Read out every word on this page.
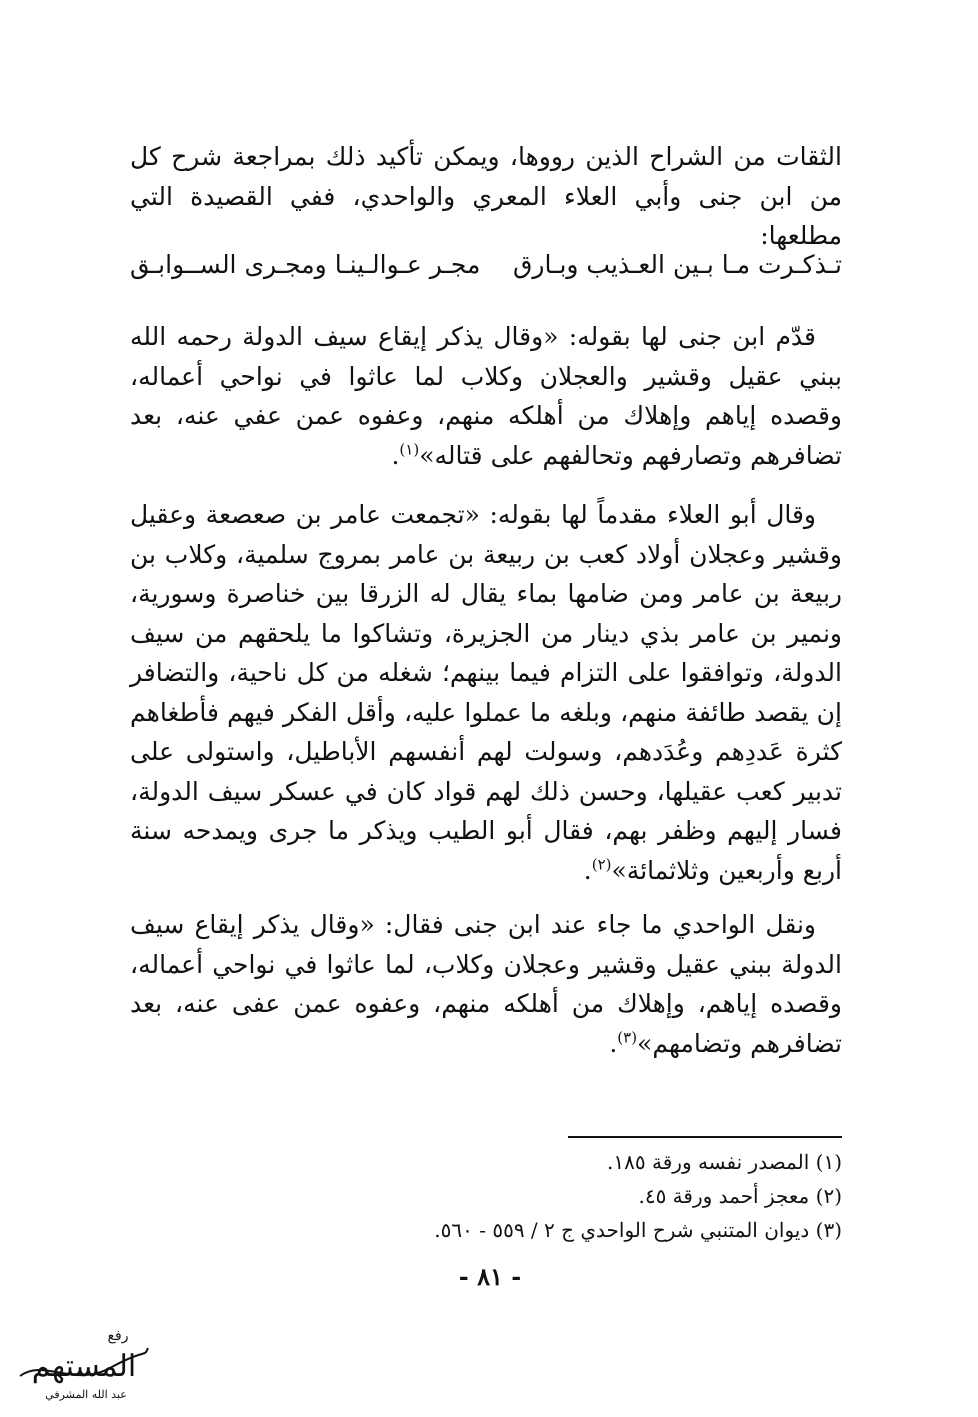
الثقات من الشراح الذين رووها، ويمكن تأكيد ذلك بمراجعة شرح كل من ابن جنى وأبي العلاء المعري والواحدي، ففي القصيدة التي مطلعها:

تـذكـرت مـا بـين العـذيب وبـارق
مجـر عـوالـينـا ومجـرى الســوابـق

قدّم ابن جنى لها بقوله: «وقال يذكر إيقاع سيف الدولة رحمه الله ببني عقيل وقشير والعجلان وكلاب لما عاثوا في نواحي أعماله، وقصده إياهم وإهلاك من أهلكه منهم، وعفوه عمن عفي عنه، بعد تضافرهم وتصارفهم وتحالفهم على قتاله»$^{(١)}$.

وقال أبو العلاء مقدماً لها بقوله: «تجمعت عامر بن صعصعة وعقيل وقشير وعجلان أولاد كعب بن ربيعة بن عامر بمروج سلمية، وكلاب بن ربيعة بن عامر ومن ضامها بماء يقال له الزرقا بين خناصرة وسورية، ونمير بن عامر بذي دينار من الجزيرة، وتشاكوا ما يلحقهم من سيف الدولة، وتوافقوا على التزام فيما بينهم؛ شغله من كل ناحية، والتضافر إن يقصد طائفة منهم، وبلغه ما عملوا عليه، وأقل الفكر فيهم فأطغاهم كثرة عَددِهم وعُدَدهم، وسولت لهم أنفسهم الأباطيل، واستولى على تدبير كعب عقيلها، وحسن ذلك لهم قواد كان في عسكر سيف الدولة، فسار إليهم وظفر بهم، فقال أبو الطيب ويذكر ما جرى ويمدحه سنة أربع وأربعين وثلاثمائة»$^{(٢)}$.

ونقل الواحدي ما جاء عند ابن جنى فقال: «وقال يذكر إيقاع سيف الدولة ببني عقيل وقشير وعجلان وكلاب، لما عاثوا في نواحي أعماله، وقصده إياهم، وإهلاك من أهلكه منهم، وعفوه عمن عفى عنه، بعد تضافرهم وتضامهم»$^{(٣)}$.

(١) المصدر نفسه ورقة ١٨٥.
(٢) معجز أحمد ورقة ٤٥.
(٣) ديوان المتنبي شرح الواحدي ج ٢ / ٥٥٩ - ٥٦٠.
- ٨١ -
رفع
المستهم
عبد الله المشرفي
